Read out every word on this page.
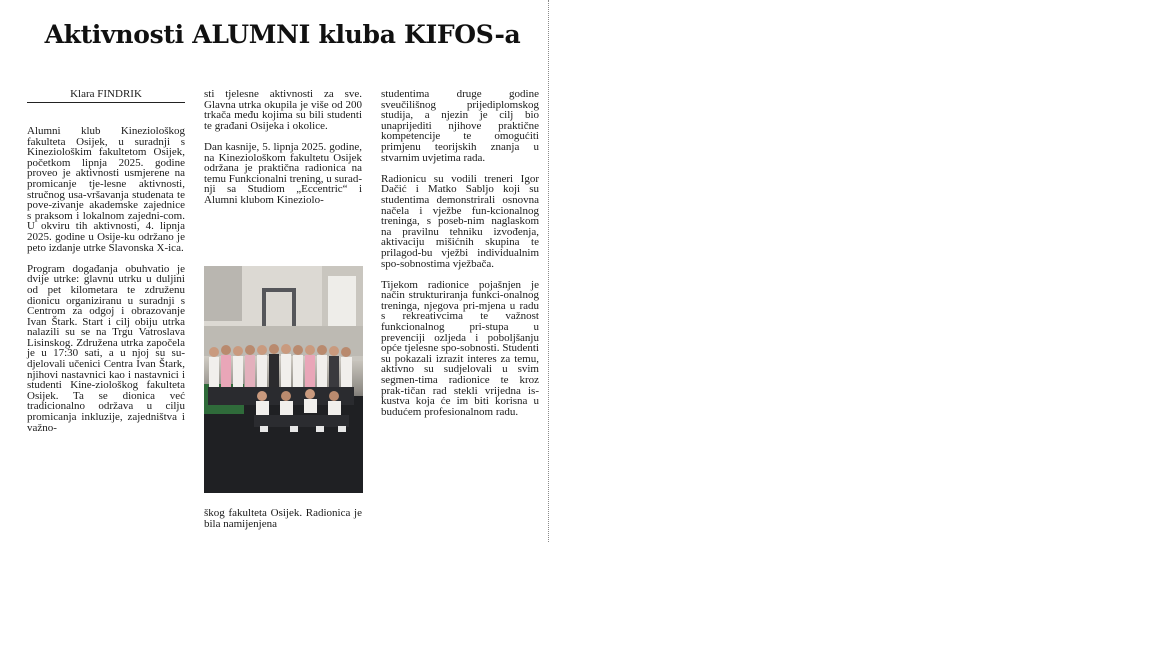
Aktivnosti ALUMNI kluba KIFOS-a
Klara FINDRIK

Alumni klub Kineziološkog fakulteta Osijek, u suradnji s Kineziološkim fakultetom Osijek, početkom lipnja 2025. godine proveo je aktivnosti usmjerene na promicanje tje-lesne aktivnosti, stručnog usa-vršavanja studenata te pove-zivanje akademske zajednice s praksom i lokalnom zajedni-com. U okviru tih aktivnosti, 4. lipnja 2025. godine u Osije-ku održano je peto izdanje utrke Slavonska X-ica.

Program događanja obuhvatio je dvije utrke: glavnu utrku u duljini od pet kilometara te združenu dionicu organiziranu u suradnji s Centrom za odgoj i obrazovanje Ivan Štark. Start i cilj obiju utrka nalazili su se na Trgu Vatroslava Lisinskog. Združena utrka započela je u 17:30 sati, a u njoj su su-djelovali učenici Centra Ivan Štark, njihovi nastavnici kao i nastavnici i studenti Kine-ziološkog fakulteta Osijek. Ta se dionica već tradicionalno održava u cilju promicanja inkluzije, zajedništva i važno-

sti tjelesne aktivnosti za sve. Glavna utrka okupila je više od 200 trkača među kojima su bili studenti te građani Osijeka i okolice.

Dan kasnije, 5. lipnja 2025. godine, na Kineziološkom fakultetu Osijek održana je praktična radionica na temu Funkcionalni trening, u surad-nji sa Studiom „Eccentric“ i Alumni klubom Kineziolo-

škog fakulteta Osijek. Radionica je bila namijenjena

studentima druge godine sveučilišnog prijediplomskog studija, a njezin je cilj bio unaprijediti njihove praktične kompetencije te omogućiti primjenu teorijskih znanja u stvarnim uvjetima rada.

Radionicu su vodili treneri Igor Dačić i Matko Sabljo koji su studentima demonstrirali osnovna načela i vježbe fun-kcionalnog treninga, s poseb-nim naglaskom na pravilnu tehniku izvođenja, aktivaciju mišićnih skupina te prilagod-bu vježbi individualnim spo-sobnostima vježbača.

Tijekom radionice pojašnjen je način strukturiranja funkci-onalnog treninga, njegova pri-mjena u radu s rekreativcima te važnost funkcionalnog pri-stupa u prevenciji ozljeda i poboljšanju opće tjelesne spo-sobnosti. Studenti su pokazali izrazit interes za temu, aktivno su sudjelovali u svim segmen-tima radionice te kroz prak-tičan rad stekli vrijedna is-kustva koja će im biti korisna u budućem profesionalnom radu.
